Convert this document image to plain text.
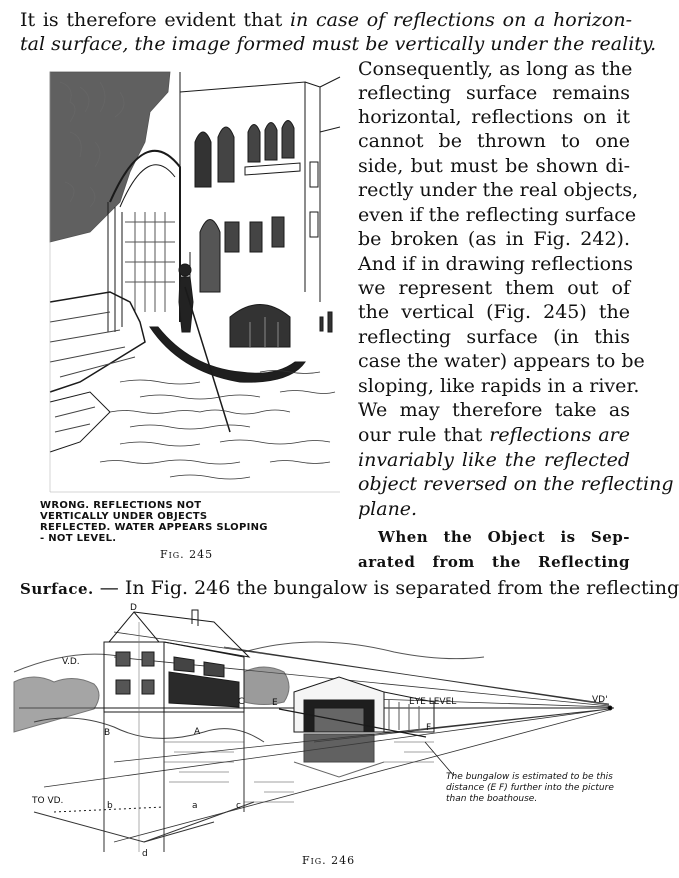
It is therefore evident that in case of reflections on a horizon-
tal surface, the image formed must be vertically under the reality.
Consequently, as long as the
reflecting surface remains
horizontal, reflections on it
cannot be thrown to one
side, but must be shown di-
rectly under the real objects,
even if the reflecting surface
be broken (as in Fig. 242).
And if in drawing reflections
we represent them out of
the vertical (Fig. 245) the
reflecting surface (in this
case the water) appears to be
sloping, like rapids in a river.
We may therefore take as
our rule that reflections are
invariably like the reflected
object reversed on the reflecting
plane.
When the Object is Sep-
arated from the Reflecting
Surface. — In Fig. 246 the bungalow is separated from the reflecting
WRONG. REFLECTIONS NOT VERTICALLY UNDER OBJECTS REFLECTED. WATER APPEARS SLOPING - NOT LEVEL.
Fig. 245
D
V.D.
VD'
TO VD.
EYE LEVEL
B	A
C	E
F
b	a	c
d
The bungalow is estimated to be this distance (E F) further into the picture than the boathouse.
Fig. 246
